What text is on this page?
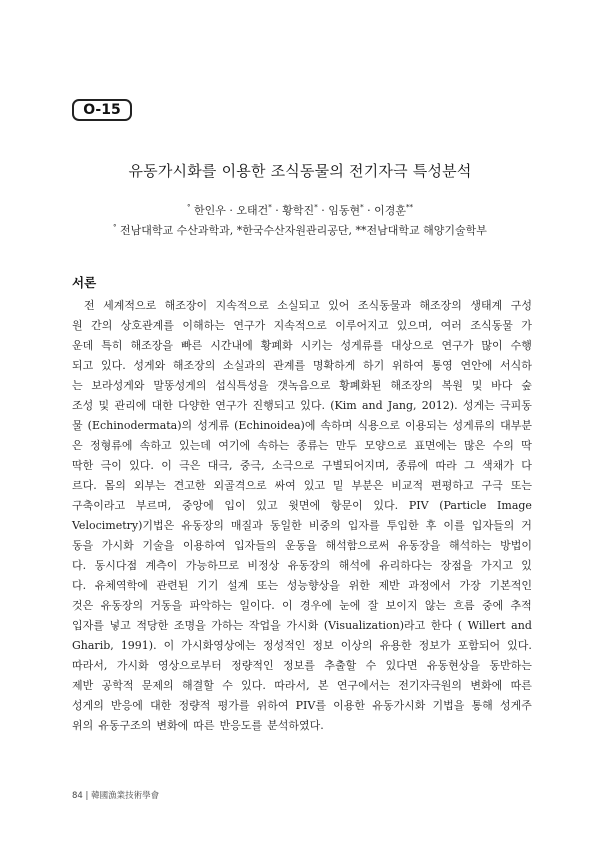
O-15
유동가시화를 이용한 조식동물의 전기자극 특성분석
° 한인우 · 오태건* · 황학진* · 임동현* · 이경훈**
° 전남대학교 수산과학과, *한국수산자원관리공단, **전남대학교 해양기술학부
서론
전 세계적으로 해조장이 지속적으로 소실되고 있어 조식동물과 해조장의 생태계 구성
원 간의 상호관계를 이해하는 연구가 지속적으로 이루어지고 있으며, 여러 조식동물 가
운데 특히 해조장을 빠른 시간내에 황폐화 시키는 성게류를 대상으로 연구가 많이 수행
되고 있다. 성게와 해조장의 소실과의 관계를 명확하게 하기 위하여 통영 연안에 서식하
는 보라성게와 말똥성게의 섭식특성을 갯녹음으로 황폐화된 해조장의 복원 및 바다 숲
조성 및 관리에 대한 다양한 연구가 진행되고 있다. (Kim and Jang, 2012). 성게는 극피동
물 (Echinodermata)의 성게류 (Echinoidea)에 속하며 식용으로 이용되는 성게류의 대부분
은 정형류에 속하고 있는데 여기에 속하는 종류는 만두 모양으로 표면에는 많은 수의 딱
딱한 극이 있다. 이 극은 대극, 중극, 소극으로 구별되어지며, 종류에 따라 그 색채가 다
르다. 몸의 외부는 견고한 외골격으로 싸여 있고 밑 부분은 비교적 편평하고 구극 또는
구축이라고 부르며, 중앙에 입이 있고 윗면에 항문이 있다. PIV (Particle Image
Velocimetry)기법은 유동장의 매질과 동일한 비중의 입자를 투입한 후 이를 입자들의 거
동을 가시화 기술을 이용하여 입자들의 운동을 해석함으로써 유동장을 해석하는 방법이
다. 동시다점 계측이 가능하므로 비정상 유동장의 해석에 유리하다는 장점을 가지고 있
다. 유체역학에 관련된 기기 설계 또는 성능향상을 위한 제반 과정에서 가장 기본적인
것은 유동장의 거동을 파악하는 일이다. 이 경우에 눈에 잘 보이지 않는 흐름 중에 추적
입자를 넣고 적당한 조명을 가하는 작업을 가시화 (Visualization)라고 한다 ( Willert and
Gharib, 1991). 이 가시화영상에는 정성적인 정보 이상의 유용한 정보가 포함되어 있다.
따라서, 가시화 영상으로부터 정량적인 정보를 추출할 수 있다면 유동현상을 동반하는
제반 공학적 문제의 해결할 수 있다. 따라서, 본 연구에서는 전기자극원의 변화에 따른
성게의 반응에 대한 정량적 평가를 위하여 PIV를 이용한 유동가시화 기법을 통해 성게주
위의 유동구조의 변화에 따른 반응도를 분석하였다.
84 | 韓國漁業技術學會
